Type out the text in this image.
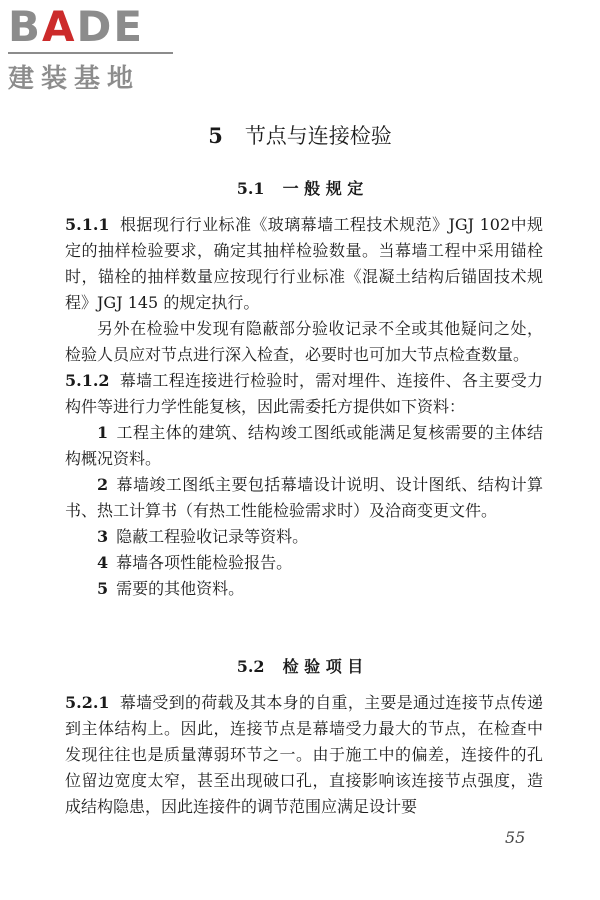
BADE
建装基地
5 节点与连接检验
5.1 一 般 规 定

5.1.1 根据现行行业标准《玻璃幕墙工程技术规范》JGJ 102中规定的抽样检验要求，确定其抽样检验数量。当幕墙工程中采用锚栓时，锚栓的抽样数量应按现行行业标准《混凝土结构后锚固技术规程》JGJ 145 的规定执行。

另外在检验中发现有隐蔽部分验收记录不全或其他疑问之处，检验人员应对节点进行深入检查，必要时也可加大节点检查数量。

5.1.2 幕墙工程连接进行检验时，需对埋件、连接件、各主要受力构件等进行力学性能复核，因此需委托方提供如下资料：

1 工程主体的建筑、结构竣工图纸或能满足复核需要的主体结构概况资料。

2 幕墙竣工图纸主要包括幕墙设计说明、设计图纸、结构计算书、热工计算书（有热工性能检验需求时）及洽商变更文件。

3 隐蔽工程验收记录等资料。

4 幕墙各项性能检验报告。

5 需要的其他资料。

5.2 检 验 项 目

5.2.1 幕墙受到的荷载及其本身的自重，主要是通过连接节点传递到主体结构上。因此，连接节点是幕墙受力最大的节点，在检查中发现往往也是质量薄弱环节之一。由于施工中的偏差，连接件的孔位留边宽度太窄，甚至出现破口孔，直接影响该连接节点强度，造成结构隐患，因此连接件的调节范围应满足设计要

55
